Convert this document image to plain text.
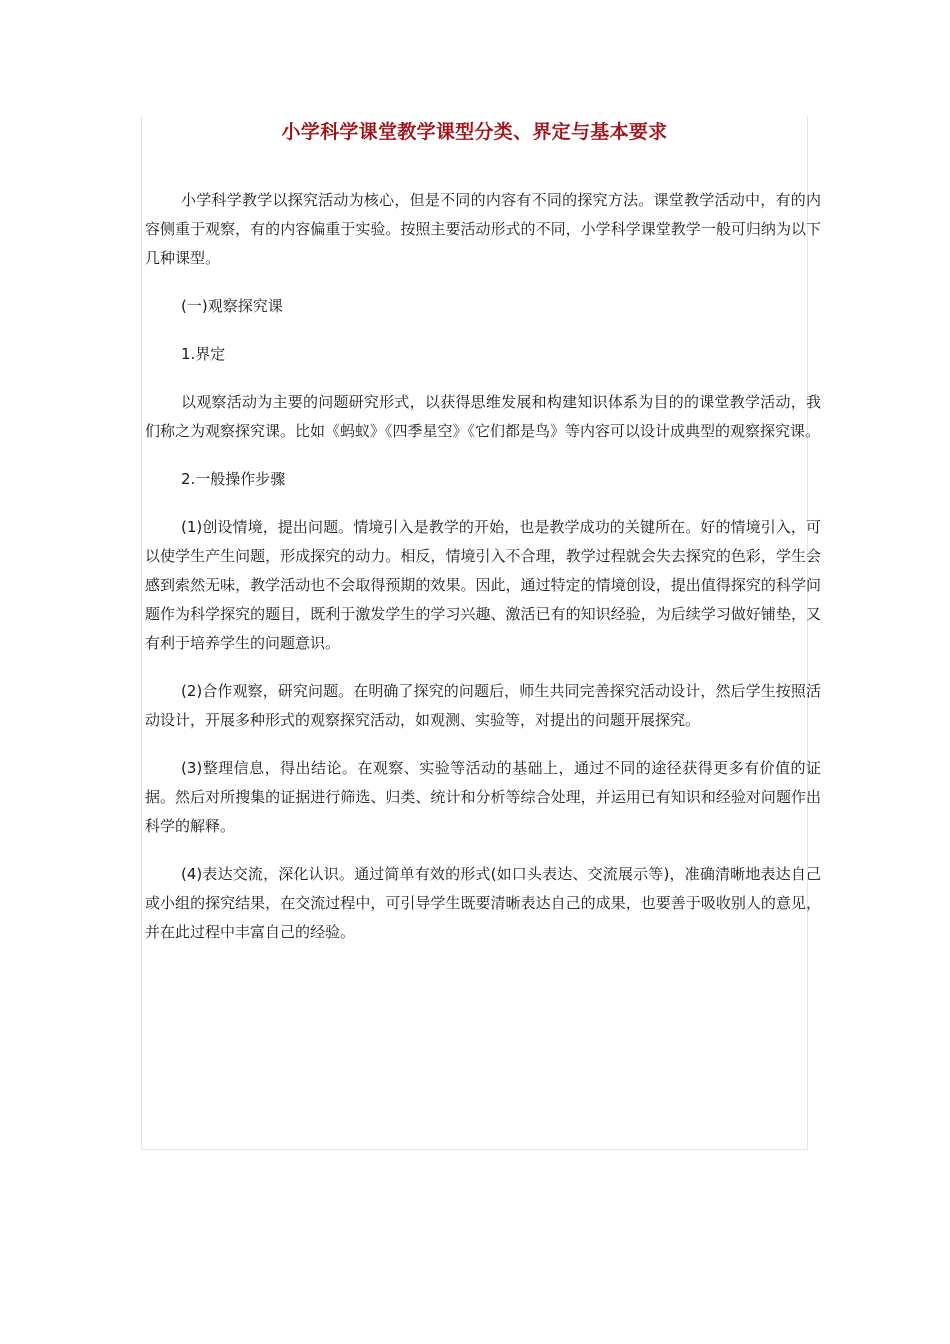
小学科学课堂教学课型分类、界定与基本要求

小学科学教学以探究活动为核心，但是不同的内容有不同的探究方法。课堂教学活动中，有的内容侧重于观察，有的内容偏重于实验。按照主要活动形式的不同，小学科学课堂教学一般可归纳为以下几种课型。

(一)观察探究课

1.界定

以观察活动为主要的问题研究形式，以获得思维发展和构建知识体系为目的的课堂教学活动，我们称之为观察探究课。比如《蚂蚁》《四季星空》《它们都是鸟》等内容可以设计成典型的观察探究课。

2.一般操作步骤

(1)创设情境，提出问题。情境引入是教学的开始，也是教学成功的关键所在。好的情境引入，可以使学生产生问题，形成探究的动力。相反，情境引入不合理，教学过程就会失去探究的色彩，学生会感到索然无味，教学活动也不会取得预期的效果。因此，通过特定的情境创设，提出值得探究的科学问题作为科学探究的题目，既利于激发学生的学习兴趣、激活已有的知识经验，为后续学习做好铺垫，又有利于培养学生的问题意识。

(2)合作观察，研究问题。在明确了探究的问题后，师生共同完善探究活动设计，然后学生按照活动设计，开展多种形式的观察探究活动，如观测、实验等，对提出的问题开展探究。

(3)整理信息，得出结论。在观察、实验等活动的基础上，通过不同的途径获得更多有价值的证据。然后对所搜集的证据进行筛选、归类、统计和分析等综合处理，并运用已有知识和经验对问题作出科学的解释。

(4)表达交流，深化认识。通过简单有效的形式(如口头表达、交流展示等)，准确清晰地表达自己或小组的探究结果，在交流过程中，可引导学生既要清晰表达自己的成果，也要善于吸收别人的意见，并在此过程中丰富自己的经验。
